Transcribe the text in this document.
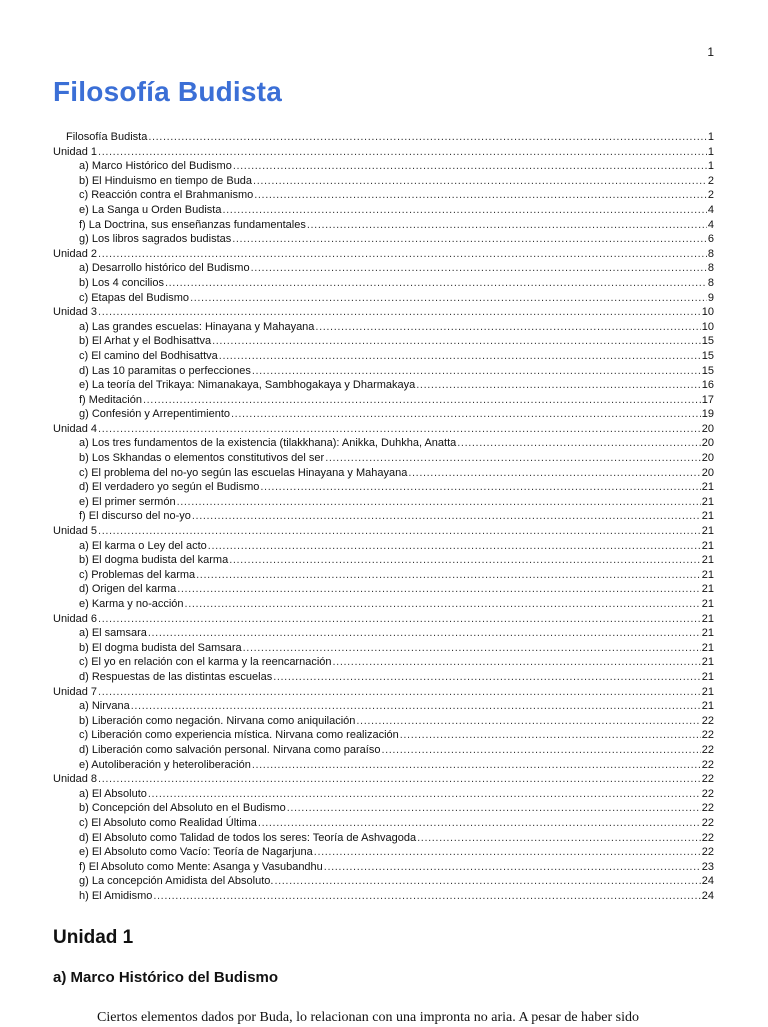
1
Filosofía Budista
Filosofía Budista .....	1
Unidad 1 .....	1
a) Marco Histórico del Budismo .....	1
b) El Hinduismo en tiempo de Buda .....	2
c) Reacción contra el Brahmanismo .....	2
e) La Sanga u Orden Budista .....	4
f) La Doctrina, sus enseñanzas fundamentales .....	4
g) Los libros sagrados budistas .....	6
Unidad 2 .....	8
a) Desarrollo histórico del Budismo .....	8
b) Los 4 concilios .....	8
c) Etapas del Budismo .....	9
Unidad 3 .....	10
a) Las grandes escuelas: Hinayana y Mahayana .....	10
b) El Arhat y el Bodhisattva .....	15
c) El camino del Bodhisattva .....	15
d) Las 10 paramitas o perfecciones .....	15
e) La teoría del Trikaya: Nimanakaya, Sambhogakaya y Dharmakaya .....	16
f) Meditación .....	17
g) Confesión y Arrepentimiento .....	19
Unidad 4 .....	20
a) Los tres fundamentos de la existencia (tilakkhana): Anikka, Duhkha, Anatta .....	20
b) Los Skhandas o elementos constitutivos del ser .....	20
c) El problema del no-yo según las escuelas Hinayana y Mahayana .....	20
d) El verdadero yo según el Budismo .....	21
e) El primer sermón .....	21
f) El discurso del no-yo .....	21
Unidad 5 .....	21
a) El karma o Ley del acto .....	21
b) El dogma budista del karma .....	21
c) Problemas del karma .....	21
d) Origen del karma .....	21
e) Karma y no-acción .....	21
Unidad 6 .....	21
a) El samsara .....	21
b) El dogma budista del Samsara .....	21
c) El yo en relación con el karma y la reencarnación .....	21
d) Respuestas de las distintas escuelas .....	21
Unidad 7 .....	21
a) Nirvana .....	21
b) Liberación como negación. Nirvana como aniquilación .....	22
c) Liberación como experiencia mística. Nirvana como realización .....	22
d) Liberación como salvación personal. Nirvana como paraíso .....	22
e) Autoliberación y heteroliberación .....	22
Unidad 8 .....	22
a) El Absoluto .....	22
b) Concepción del Absoluto en el Budismo .....	22
c) El Absoluto como Realidad Última .....	22
d) El Absoluto como Talidad de todos los seres: Teoría de Ashvagoda .....	22
e) El Absoluto como Vacío: Teoría de Nagarjuna .....	22
f) El Absoluto como Mente: Asanga y Vasubandhu .....	23
g) La concepción Amidista del Absoluto. .....	24
h) El Amidismo .....	24
Unidad 1
a) Marco Histórico del Budismo

Ciertos elementos dados por Buda, lo relacionan con una impronta no aria. A pesar de haber sido
